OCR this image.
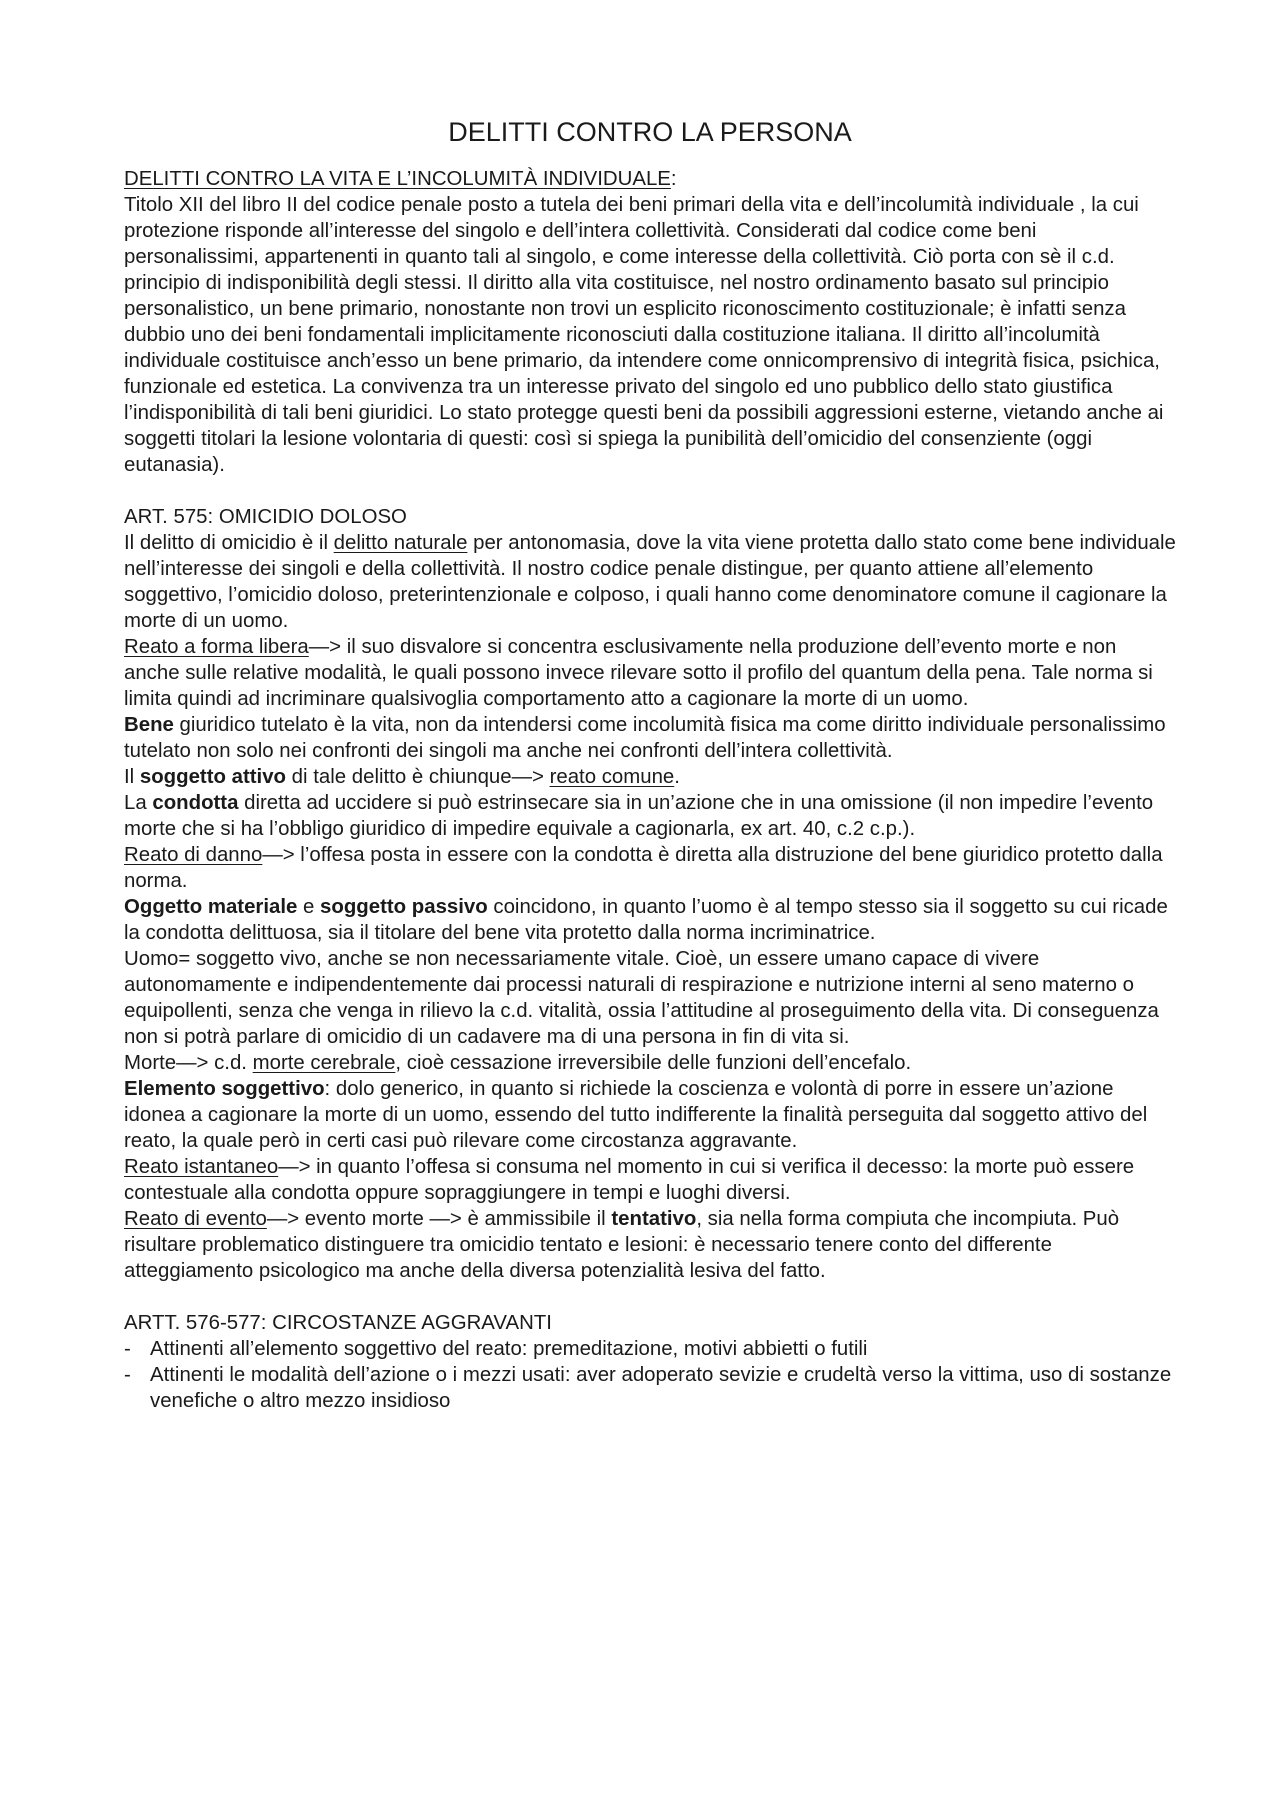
DELITTI CONTRO LA PERSONA

DELITTI CONTRO LA VITA E L’INCOLUMITÀ INDIVIDUALE:

Titolo XII del libro II del codice penale posto a tutela dei beni primari della vita e dell’incolumità individuale , la cui protezione risponde all’interesse del singolo e dell’intera collettività. Considerati dal codice come beni personalissimi, appartenenti in quanto tali al singolo, e come interesse della collettività. Ciò porta con sè il c.d. principio di indisponibilità degli stessi. Il diritto alla vita costituisce, nel nostro ordinamento basato sul principio personalistico, un bene primario, nonostante non trovi un esplicito riconoscimento costituzionale; è infatti senza dubbio uno dei beni fondamentali implicitamente riconosciuti dalla costituzione italiana. Il diritto all’incolumità individuale costituisce anch’esso un bene primario, da intendere come onnicomprensivo di integrità fisica, psichica, funzionale ed estetica. La convivenza tra un interesse privato del singolo ed uno pubblico dello stato giustifica l’indisponibilità di tali beni giuridici. Lo stato protegge questi beni da possibili aggressioni esterne, vietando anche ai soggetti titolari la lesione volontaria di questi: così si spiega la punibilità dell’omicidio del consenziente (oggi eutanasia).

ART. 575: OMICIDIO DOLOSO

Il delitto di omicidio è il delitto naturale per antonomasia, dove la vita viene protetta dallo stato come bene individuale nell’interesse dei singoli e della collettività. Il nostro codice penale distingue, per quanto attiene all’elemento soggettivo, l’omicidio doloso, preterintenzionale e colposo, i quali hanno come denominatore comune il cagionare la morte di un uomo.

Reato a forma libera—> il suo disvalore si concentra esclusivamente nella produzione dell’evento morte e non anche sulle relative modalità, le quali possono invece rilevare sotto il profilo del quantum della pena. Tale norma si limita quindi ad incriminare qualsivoglia comportamento atto a cagionare la morte di un uomo.

Bene giuridico tutelato è la vita, non da intendersi come incolumità fisica ma come diritto individuale personalissimo tutelato non solo nei confronti dei singoli ma anche nei confronti dell’intera collettività.

Il soggetto attivo di tale delitto è chiunque—> reato comune.

La condotta diretta ad uccidere si può estrinsecare sia in un’azione che in una omissione (il non impedire l’evento morte che si ha l’obbligo giuridico di impedire equivale a cagionarla, ex art. 40, c.2 c.p.).

Reato di danno—> l’offesa posta in essere con la condotta è diretta alla distruzione del bene giuridico protetto dalla norma.

Oggetto materiale e soggetto passivo coincidono, in quanto l’uomo è al tempo stesso sia il soggetto su cui ricade la condotta delittuosa, sia il titolare del bene vita protetto dalla norma incriminatrice.

Uomo= soggetto vivo, anche se non necessariamente vitale. Cioè, un essere umano capace di vivere autonomamente e indipendentemente dai processi naturali di respirazione e nutrizione interni al seno materno o equipollenti, senza che venga in rilievo la c.d. vitalità, ossia l’attitudine al proseguimento della vita. Di conseguenza non si potrà parlare di omicidio di un cadavere ma di una persona in fin di vita si.

Morte—> c.d. morte cerebrale, cioè cessazione irreversibile delle funzioni dell’encefalo.

Elemento soggettivo: dolo generico, in quanto si richiede la coscienza e volontà di porre in essere un’azione idonea a cagionare la morte di un uomo, essendo del tutto indifferente la finalità perseguita dal soggetto attivo del reato, la quale però in certi casi può rilevare come circostanza aggravante.

Reato istantaneo—> in quanto l’offesa si consuma nel momento in cui si verifica il decesso: la morte può essere contestuale alla condotta oppure sopraggiungere in tempi e luoghi diversi.

Reato di evento—> evento morte —> è ammissibile il tentativo, sia nella forma compiuta che incompiuta. Può risultare problematico distinguere tra omicidio tentato e lesioni: è necessario tenere conto del differente atteggiamento psicologico ma anche della diversa potenzialità lesiva del fatto.

ARTT. 576-577: CIRCOSTANZE AGGRAVANTI

- Attinenti all’elemento soggettivo del reato: premeditazione, motivi abbietti o futili
- Attinenti le modalità dell’azione o i mezzi usati: aver adoperato sevizie e crudeltà verso la vittima, uso di sostanze venefiche o altro mezzo insidioso
